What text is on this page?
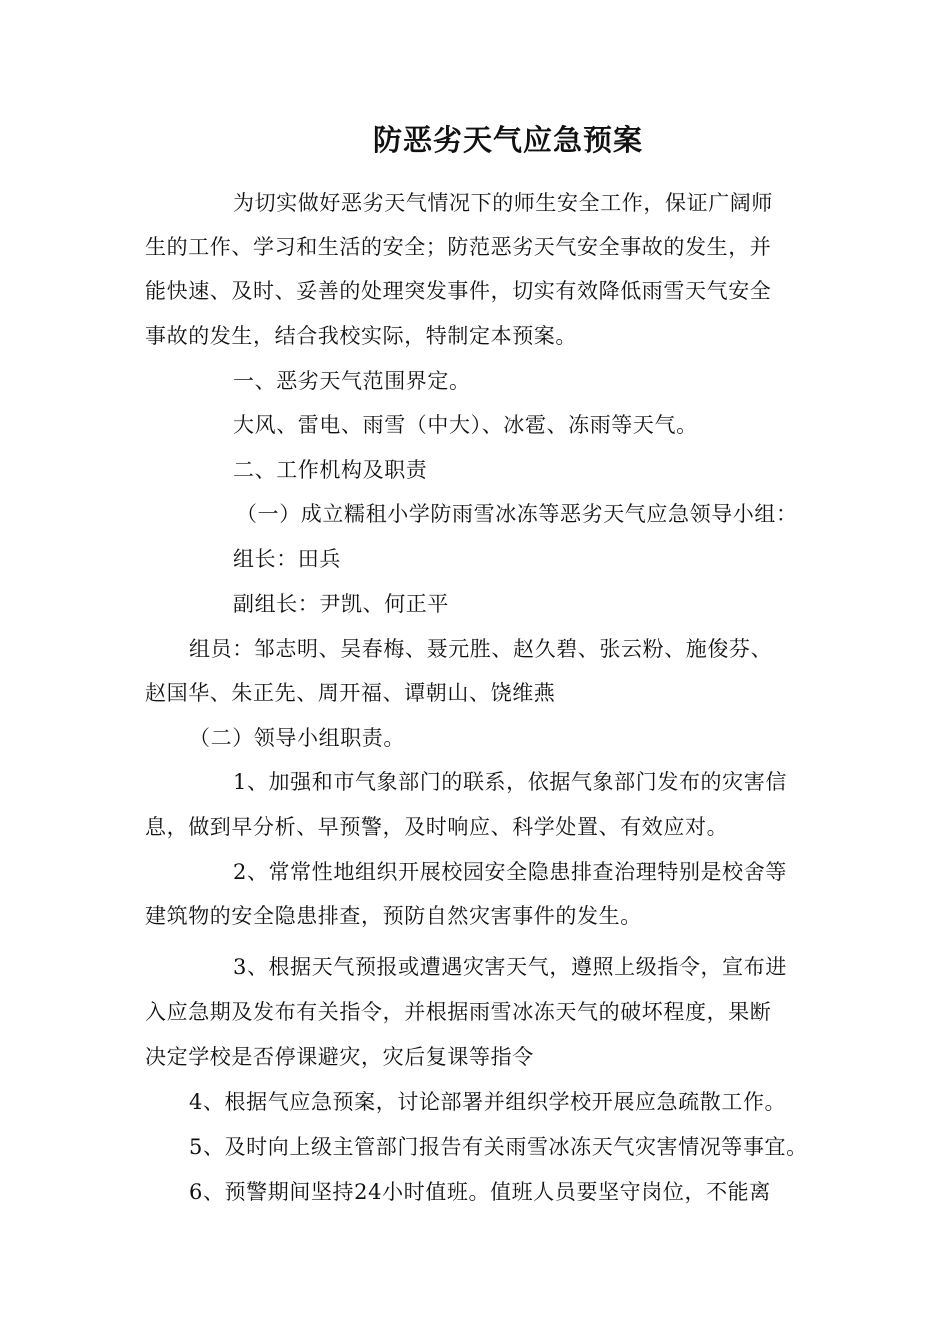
防恶劣天气应急预案
为切实做好恶劣天气情况下的师生安全工作，保证广阔师
生的工作、学习和生活的安全；防范恶劣天气安全事故的发生，并
能快速、及时、妥善的处理突发事件，切实有效降低雨雪天气安全
事故的发生，结合我校实际，特制定本预案。
一、恶劣天气范围界定。
大风、雷电、雨雪（中大）、冰雹、冻雨等天气。
二、工作机构及职责
（一）成立糯租小学防雨雪冰冻等恶劣天气应急领导小组：
组长：田兵
副组长：尹凯、何正平
组员：邹志明、吴春梅、聂元胜、赵久碧、张云粉、施俊芬、
赵国华、朱正先、周开福、谭朝山、饶维燕
（二）领导小组职责。
1、加强和市气象部门的联系，依据气象部门发布的灾害信
息，做到早分析、早预警，及时响应、科学处置、有效应对。
2、常常性地组织开展校园安全隐患排查治理特别是校舍等
建筑物的安全隐患排查，预防自然灾害事件的发生。
3、根据天气预报或遭遇灾害天气，遵照上级指令，宣布进
入应急期及发布有关指令，并根据雨雪冰冻天气的破坏程度，果断
决定学校是否停课避灾，灾后复课等指令
4、根据气应急预案，讨论部署并组织学校开展应急疏散工作。
5、及时向上级主管部门报告有关雨雪冰冻天气灾害情况等事宜。
6、预警期间坚持24小时值班。值班人员要坚守岗位，不能离
